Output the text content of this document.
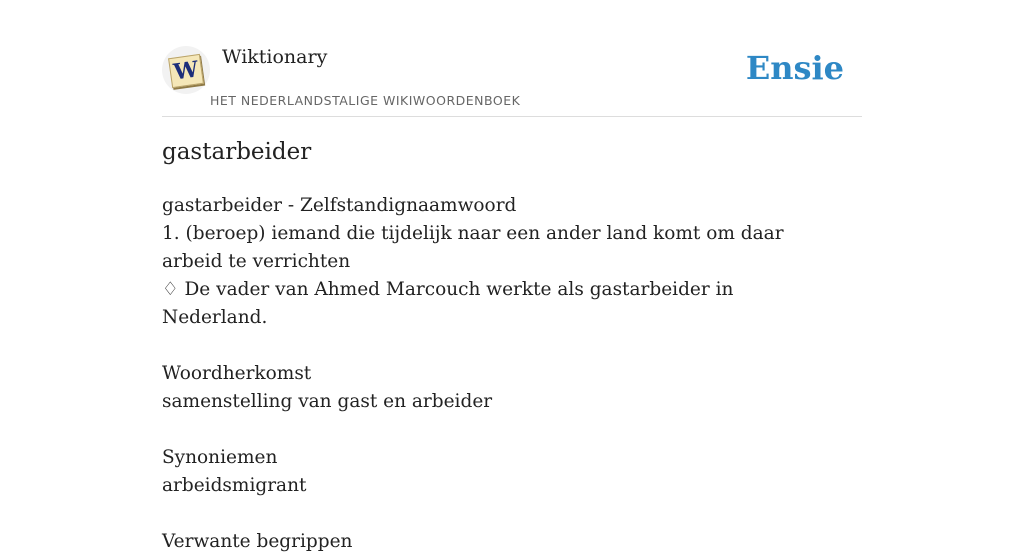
W Wiktionary
HET NEDERLANDSTALIGE WIKIWOORDENBOEK
Ensie
gastarbeider

gastarbeider - Zelfstandignaamwoord

1. (beroep) iemand die tijdelijk naar een ander land komt om daar arbeid te verrichten

♢ De vader van Ahmed Marcouch werkte als gastarbeider in Nederland.

Woordherkomst

samenstelling van gast en arbeider

Synoniemen

arbeidsmigrant

Verwante begrippen
